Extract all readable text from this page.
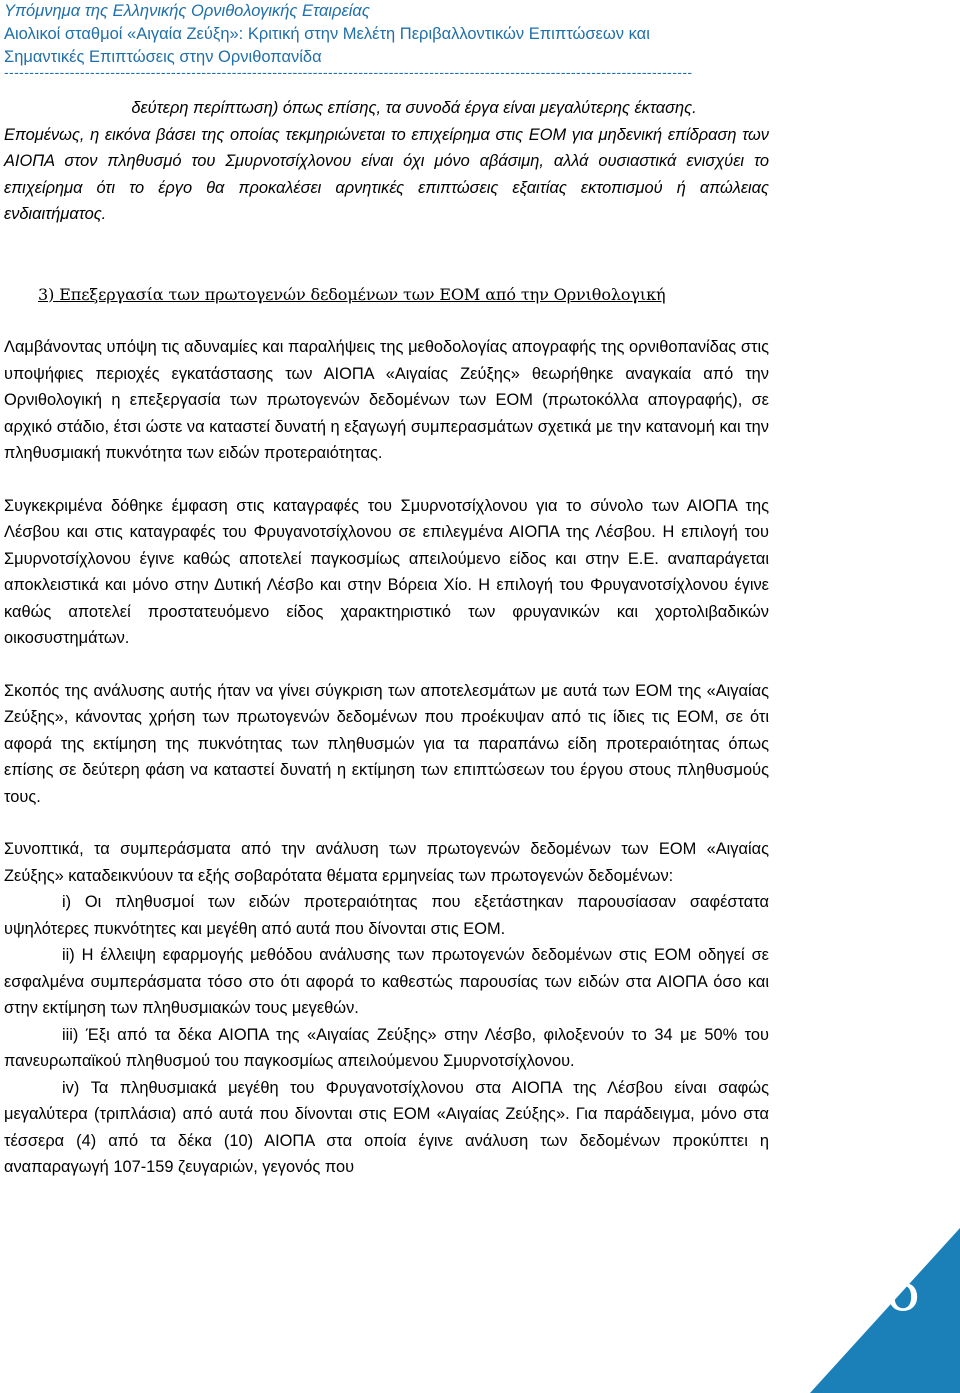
Υπόμνημα της Ελληνικής Ορνιθολογικής Εταιρείας
Αιολικοί σταθμοί «Αιγαία Ζεύξη»: Κριτική στην Μελέτη Περιβαλλοντικών Επιπτώσεων και
Σημαντικές Επιπτώσεις στην Ορνιθοπανίδα
----------------------------------------------------------------------------------------------------------------------------------------
δεύτερη περίπτωση) όπως επίσης, τα συνοδά έργα είναι μεγαλύτερης έκτασης.

Επομένως, η εικόνα βάσει της οποίας τεκμηριώνεται το επιχείρημα στις ΕΟΜ για μηδενική επίδραση των ΑΙΟΠΑ στον πληθυσμό του Σμυρνοτσίχλονου είναι όχι μόνο αβάσιμη, αλλά ουσιαστικά ενισχύει το επιχείρημα ότι το έργο θα προκαλέσει αρνητικές επιπτώσεις εξαιτίας εκτοπισμού ή απώλειας ενδιαιτήματος.

3) Επεξεργασία των πρωτογενών δεδομένων των ΕΟΜ από την Ορνιθολογική

Λαμβάνοντας υπόψη τις αδυναμίες και παραλήψεις της μεθοδολογίας απογραφής της ορνιθοπανίδας στις υποψήφιες περιοχές εγκατάστασης των ΑΙΟΠΑ «Αιγαίας Ζεύξης» θεωρήθηκε αναγκαία από την Ορνιθολογική η επεξεργασία των πρωτογενών δεδομένων των ΕΟΜ (πρωτοκόλλα απογραφής), σε αρχικό στάδιο, έτσι ώστε να καταστεί δυνατή η εξαγωγή συμπερασμάτων σχετικά με την κατανομή και την πληθυσμιακή πυκνότητα των ειδών προτεραιότητας.

Συγκεκριμένα δόθηκε έμφαση στις καταγραφές του Σμυρνοτσίχλονου για το σύνολο των ΑΙΟΠΑ της Λέσβου και στις καταγραφές του Φρυγανοτσίχλονου σε επιλεγμένα ΑΙΟΠΑ της Λέσβου. Η επιλογή του Σμυρνοτσίχλονου έγινε καθώς αποτελεί παγκοσμίως απειλούμενο είδος και στην Ε.Ε. αναπαράγεται αποκλειστικά και μόνο στην Δυτική Λέσβο και στην Βόρεια Χίο. Η επιλογή του Φρυγανοτσίχλονου έγινε καθώς αποτελεί προστατευόμενο είδος χαρακτηριστικό των φρυγανικών και χορτολιβαδικών οικοσυστημάτων.

Σκοπός της ανάλυσης αυτής ήταν να γίνει σύγκριση των αποτελεσμάτων με αυτά των ΕΟΜ της «Αιγαίας Ζεύξης», κάνοντας χρήση των πρωτογενών δεδομένων που προέκυψαν από τις ίδιες τις ΕΟΜ, σε ότι αφορά της εκτίμηση της πυκνότητας των πληθυσμών για τα παραπάνω είδη προτεραιότητας όπως επίσης σε δεύτερη φάση να καταστεί δυνατή η εκτίμηση των επιπτώσεων του έργου στους πληθυσμούς τους.

Συνοπτικά, τα συμπεράσματα από την ανάλυση των πρωτογενών δεδομένων των ΕΟΜ «Αιγαίας Ζεύξης» καταδεικνύουν τα εξής σοβαρότατα θέματα ερμηνείας των πρωτογενών δεδομένων:

i) Οι πληθυσμοί των ειδών προτεραιότητας που εξετάστηκαν παρουσίασαν σαφέστατα υψηλότερες πυκνότητες και μεγέθη από αυτά που δίνονται στις ΕΟΜ.

ii) Η έλλειψη εφαρμογής μεθόδου ανάλυσης των πρωτογενών δεδομένων στις ΕΟΜ οδηγεί σε εσφαλμένα συμπεράσματα τόσο στο ότι αφορά το καθεστώς παρουσίας των ειδών στα ΑΙΟΠΑ όσο και στην εκτίμηση των πληθυσμιακών τους μεγεθών.

iii) Έξι από τα δέκα ΑΙΟΠΑ της «Αιγαίας Ζεύξης» στην Λέσβο, φιλοξενούν το 34 με 50% του πανευρωπαϊκού πληθυσμού του παγκοσμίως απειλούμενου Σμυρνοτσίχλονου.

iv) Τα πληθυσμιακά μεγέθη του Φρυγανοτσίχλονου στα ΑΙΟΠΑ της Λέσβου είναι σαφώς μεγαλύτερα (τριπλάσια) από αυτά που δίνονται στις ΕΟΜ «Αιγαίας Ζεύξης». Για παράδειγμα, μόνο στα τέσσερα (4) από τα δέκα (10) ΑΙΟΠΑ στα οποία έγινε ανάλυση των δεδομένων προκύπτει η αναπαραγωγή 107-159 ζευγαριών, γεγονός που

16
